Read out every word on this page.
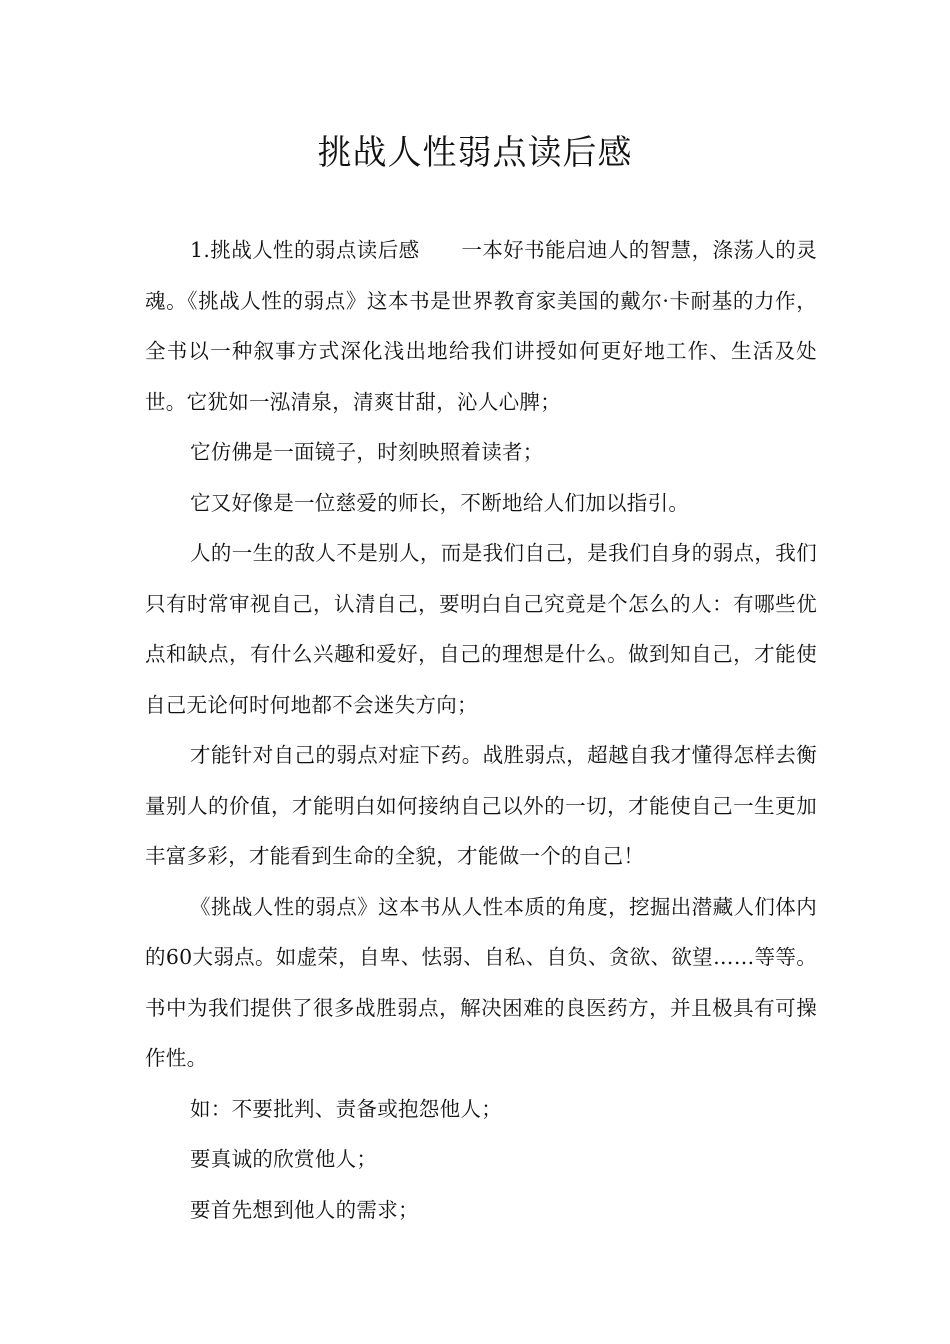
挑战人性弱点读后感

1.挑战人性的弱点读后感　　一本好书能启迪人的智慧，涤荡人的灵魂。《挑战人性的弱点》这本书是世界教育家美国的戴尔·卡耐基的力作，全书以一种叙事方式深化浅出地给我们讲授如何更好地工作、生活及处世。它犹如一泓清泉，清爽甘甜，沁人心脾；

它仿佛是一面镜子，时刻映照着读者；

它又好像是一位慈爱的师长，不断地给人们加以指引。

人的一生的敌人不是别人，而是我们自己，是我们自身的弱点，我们只有时常审视自己，认清自己，要明白自己究竟是个怎么的人：有哪些优点和缺点，有什么兴趣和爱好，自己的理想是什么。做到知自己，才能使自己无论何时何地都不会迷失方向；

才能针对自己的弱点对症下药。战胜弱点，超越自我才懂得怎样去衡量别人的价值，才能明白如何接纳自己以外的一切，才能使自己一生更加丰富多彩，才能看到生命的全貌，才能做一个的自己！

《挑战人性的弱点》这本书从人性本质的角度，挖掘出潜藏人们体内的60大弱点。如虚荣，自卑、怯弱、自私、自负、贪欲、欲望……等等。书中为我们提供了很多战胜弱点，解决困难的良医药方，并且极具有可操作性。

如：不要批判、责备或抱怨他人；

要真诚的欣赏他人；

要首先想到他人的需求；
